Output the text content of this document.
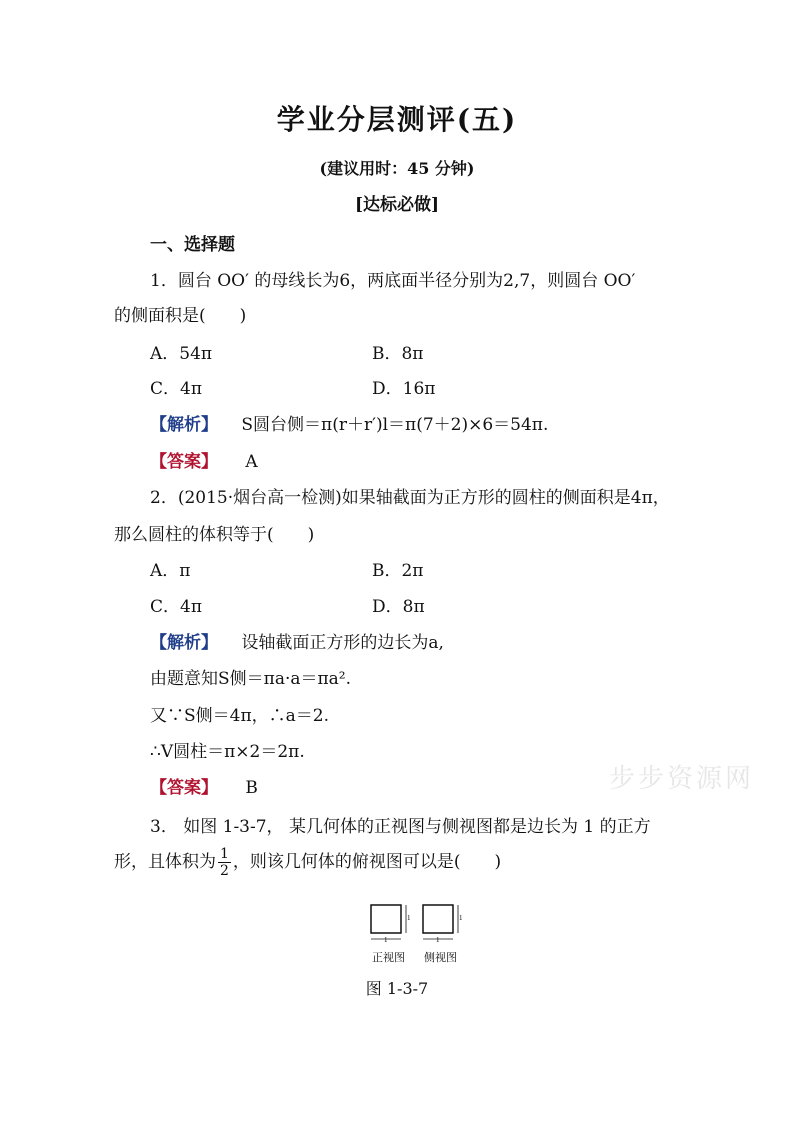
学业分层测评(五)
(建议用时：45 分钟)
[达标必做]
一、选择题
1．圆台 OO′ 的母线长为6，两底面半径分别为2,7，则圆台 OO′
的侧面积是(　　)
A．54π	B．8π
C．4π	D．16π
【解析】 S圆台侧＝π(r＋r′)l＝π(7＋2)×6＝54π.
【答案】 A
2．(2015·烟台高一检测)如果轴截面为正方形的圆柱的侧面积是4π，
那么圆柱的体积等于(　　)
A．π	B．2π
C．4π	D．8π
【解析】 设轴截面正方形的边长为a,
由题意知S侧＝πa·a＝πa².
又∵S侧＝4π，∴a＝2.
∴V圆柱＝π×2＝2π.
【答案】 B	步步资源网
3． 如图 1-3-7， 某几何体的正视图与侧视图都是边长为 1 的正方
形，且体积为 $\frac{1}{2}$ ，则该几何体的俯视图可以是(　　)
1
1
1
1
正视图 侧视图
图 1-3-7
